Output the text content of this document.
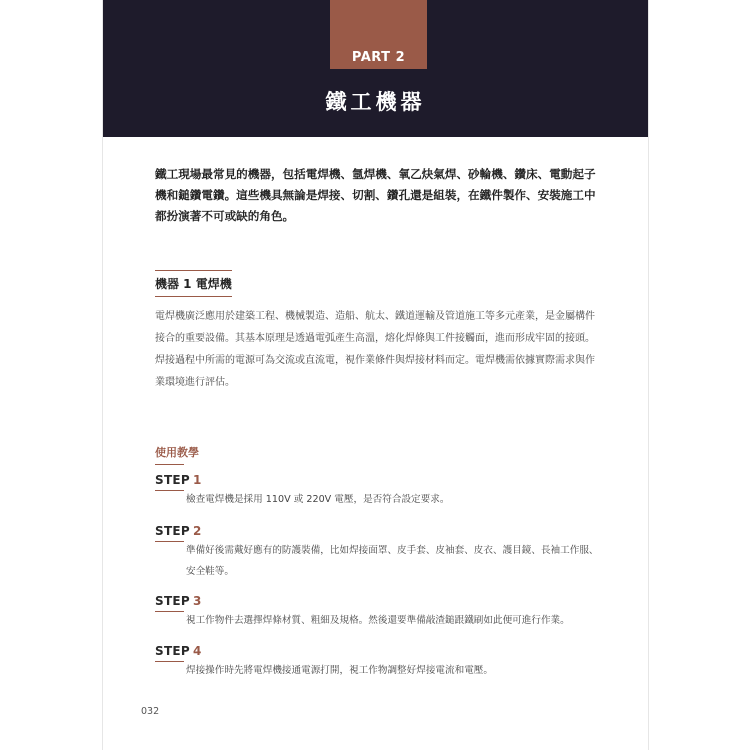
PART 2
鐵工機器

鐵工現場最常見的機器，包括電焊機、氬焊機、氧乙炔氣焊、砂輪機、鑽床、電動起子機和鎚鑽電鑽。這些機具無論是焊接、切割、鑽孔還是組裝，在鐵件製作、安裝施工中都扮演著不可或缺的角色。

機器 1 電焊機

電焊機廣泛應用於建築工程、機械製造、造船、航太、鐵道運輸及管道施工等多元產業，是金屬構件接合的重要設備。其基本原理是透過電弧產生高溫，熔化焊條與工件接觸面，進而形成牢固的接頭。焊接過程中所需的電源可為交流或直流電，視作業條件與焊接材料而定。電焊機需依據實際需求與作業環境進行評估。

使用教學
STEP 1

檢查電焊機是採用 110V 或 220V 電壓，是否符合設定要求。

STEP 2

準備好後需戴好應有的防護裝備，比如焊接面罩、皮手套、皮袖套、皮衣、護目鏡、長袖工作服、安全鞋等。

STEP 3

視工作物件去選擇焊條材質、粗細及規格。然後還要準備敲渣鎚跟鐵刷如此便可進行作業。

STEP 4

焊接操作時先將電焊機接通電源打開，視工作物調整好焊接電流和電壓。

032
